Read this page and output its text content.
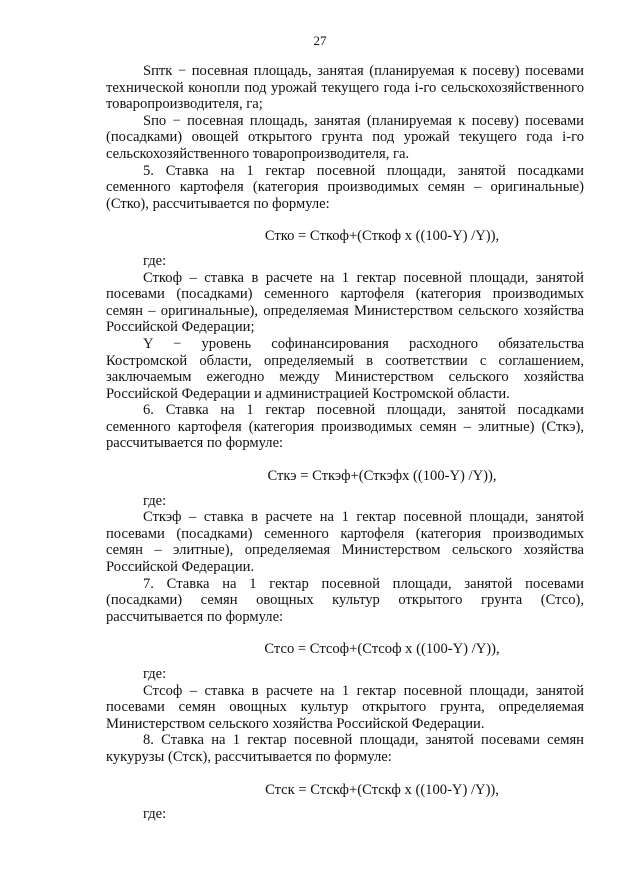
27

Sптк − посевная площадь, занятая (планируемая к посеву) посевами технической конопли под урожай текущего года i-го сельскохозяйственного товаропроизводителя, га;

Sпо − посевная площадь, занятая (планируемая к посеву) посевами (посадками) овощей открытого грунта под урожай текущего года i-го сельскохозяйственного товаропроизводителя, га.

5. Ставка на 1 гектар посевной площади, занятой посадками семенного картофеля (категория производимых семян – оригинальные) (Стко), рассчитывается по формуле:

Стко = Сткоф+(Сткоф х ((100-Y) /Y)),

где:

Сткоф – ставка в расчете на 1 гектар посевной площади, занятой посевами (посадками) семенного картофеля (категория производимых семян – оригинальные), определяемая Министерством сельского хозяйства Российской Федерации;

Y − уровень софинансирования расходного обязательства Костромской области, определяемый в соответствии с соглашением, заключаемым ежегодно между Министерством сельского хозяйства Российской Федерации и администрацией Костромской области.

6. Ставка на 1 гектар посевной площади, занятой посадками семенного картофеля (категория производимых семян – элитные) (Сткэ), рассчитывается по формуле:

Сткэ = Сткэф+(Сткэфх ((100-Y) /Y)),

где:

Сткэф – ставка в расчете на 1 гектар посевной площади, занятой посевами (посадками) семенного картофеля (категория производимых семян – элитные), определяемая Министерством сельского хозяйства Российской Федерации.

7. Ставка на 1 гектар посевной площади, занятой посевами (посадками) семян овощных культур открытого грунта (Стсо), рассчитывается по формуле:

Стсо = Стсоф+(Стсоф х ((100-Y) /Y)),

где:

Стсоф – ставка в расчете на 1 гектар посевной площади, занятой посевами семян овощных культур открытого грунта, определяемая Министерством сельского хозяйства Российской Федерации.

8. Ставка на 1 гектар посевной площади, занятой посевами семян кукурузы (Стск), рассчитывается по формуле:

Стск = Стскф+(Стскф х ((100-Y) /Y)),

где:
